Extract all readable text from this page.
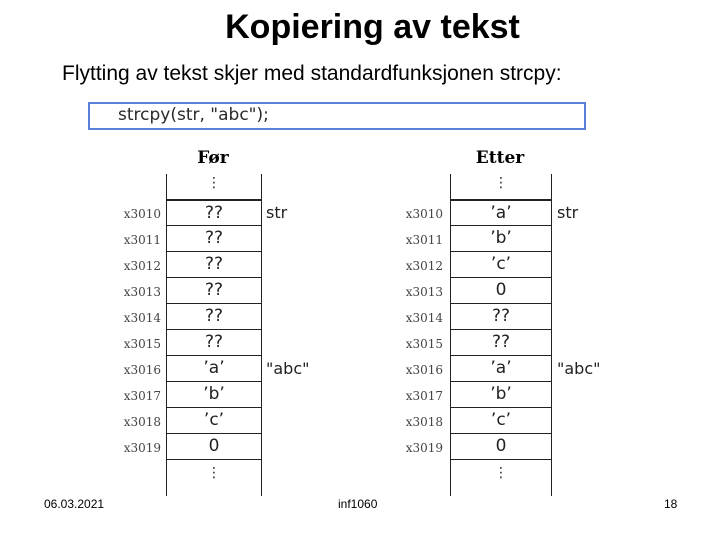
Kopiering av tekst
Flytting av tekst skjer med standardfunksjonen strcpy:
strcpy(str, "abc");
Før
⋮
??
??
??
??
??
??
’a’
’b’
’c’
0
⋮
x3010
x3011
x3012
x3013
x3014
x3015
x3016
x3017
x3018
x3019
str
"abc"
Etter
⋮
’a’
’b’
’c’
0
??
??
’a’
’b’
’c’
0
⋮
x3010
x3011
x3012
x3013
x3014
x3015
x3016
x3017
x3018
x3019
str
"abc"
06.03.2021	inf1060	18
